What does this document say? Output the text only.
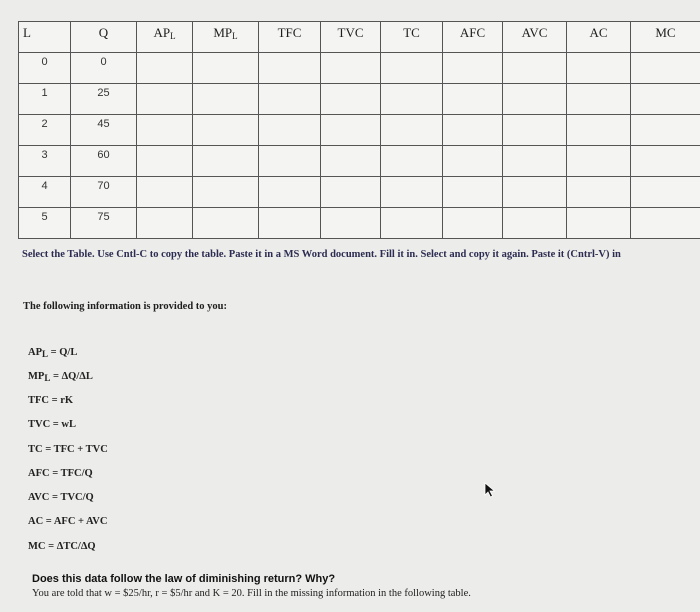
L	Q	$AP_L$	$MP_L$	TFC	TVC	TC	AFC	AVC	AC	MC
0	0									
1	25									
2	45									
3	60									
4	70									
5	75									
Select the Table. Use Cntl-C to copy the table. Paste it in a MS Word document. Fill it in. Select and copy it again. Paste it (Cntrl-V) in
The following information is provided to you:
APL = Q/L
MPL = ΔQ/ΔL
TFC = rK
TVC = wL
TC = TFC + TVC
AFC = TFC/Q
AVC = TVC/Q
AC = AFC + AVC
MC = ΔTC/ΔQ
Does this data follow the law of diminishing return? Why?
You are told that w = $25/hr, r = $5/hr and K = 20. Fill in the missing information in the following table.
